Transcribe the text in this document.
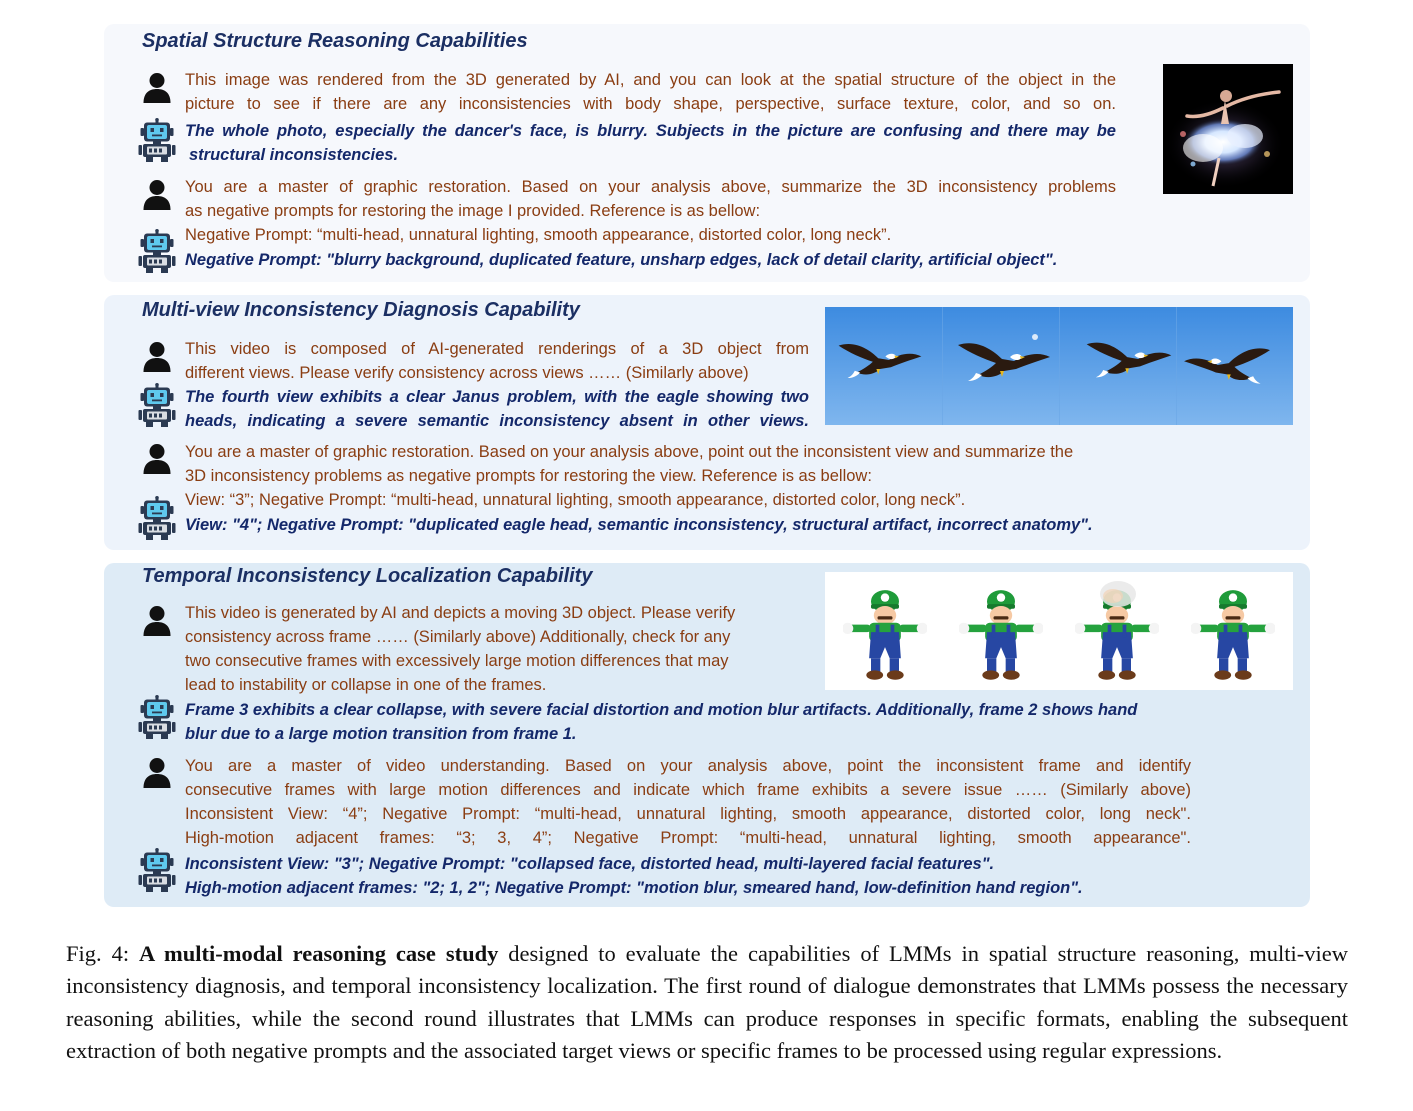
Spatial Structure Reasoning Capabilities
This image was rendered from the 3D generated by AI, and you can look at the spatial structure of the object in the
picture to see if there are any inconsistencies with body shape, perspective, surface texture, color, and so on.
The whole photo, especially the dancer's face, is blurry. Subjects in the picture are confusing and there may be
structural inconsistencies.
You are a master of graphic restoration. Based on your analysis above, summarize the 3D inconsistency problems
as negative prompts for restoring the image I provided. Reference is as bellow:
Negative Prompt: “multi-head, unnatural lighting, smooth appearance, distorted color, long neck”.
Negative Prompt: "blurry background, duplicated feature, unsharp edges, lack of detail clarity, artificial object".
Multi-view Inconsistency Diagnosis Capability
This video is composed of AI-generated renderings of a 3D object from
different views. Please verify consistency across views …… (Similarly above)
The fourth view exhibits a clear Janus problem, with the eagle showing two
heads, indicating a severe semantic inconsistency absent in other views.
You are a master of graphic restoration. Based on your analysis above, point out the inconsistent view and summarize the
3D inconsistency problems as negative prompts for restoring the view. Reference is as bellow:
View: “3”; Negative Prompt: “multi-head, unnatural lighting, smooth appearance, distorted color, long neck”.
View: "4"; Negative Prompt: "duplicated eagle head, semantic inconsistency, structural artifact, incorrect anatomy".
Temporal Inconsistency Localization Capability
This video is generated by AI and depicts a moving 3D object. Please verify
consistency across frame …… (Similarly above) Additionally, check for any
two consecutive frames with excessively large motion differences that may
lead to instability or collapse in one of the frames.
Frame 3 exhibits a clear collapse, with severe facial distortion and motion blur artifacts. Additionally, frame 2 shows hand
blur due to a large motion transition from frame 1.
You are a master of video understanding. Based on your analysis above, point the inconsistent frame and identify
consecutive frames with large motion differences and indicate which frame exhibits a severe issue …… (Similarly above)
Inconsistent View: “4”; Negative Prompt: “multi-head, unnatural lighting, smooth appearance, distorted color, long neck".
High-motion adjacent frames: “3; 3, 4”; Negative Prompt: “multi-head, unnatural lighting, smooth appearance".
Inconsistent View: "3"; Negative Prompt: "collapsed face, distorted head, multi-layered facial features".
High-motion adjacent frames: "2; 1, 2"; Negative Prompt: "motion blur, smeared hand, low-definition hand region".
Fig. 4: A multi-modal reasoning case study designed to evaluate the capabilities of LMMs in spatial structure reasoning, multi-view inconsistency diagnosis, and temporal inconsistency localization. The first round of dialogue demonstrates that LMMs possess the necessary reasoning abilities, while the second round illustrates that LMMs can produce responses in specific formats, enabling the subsequent extraction of both negative prompts and the associated target views or specific frames to be processed using regular expressions.
